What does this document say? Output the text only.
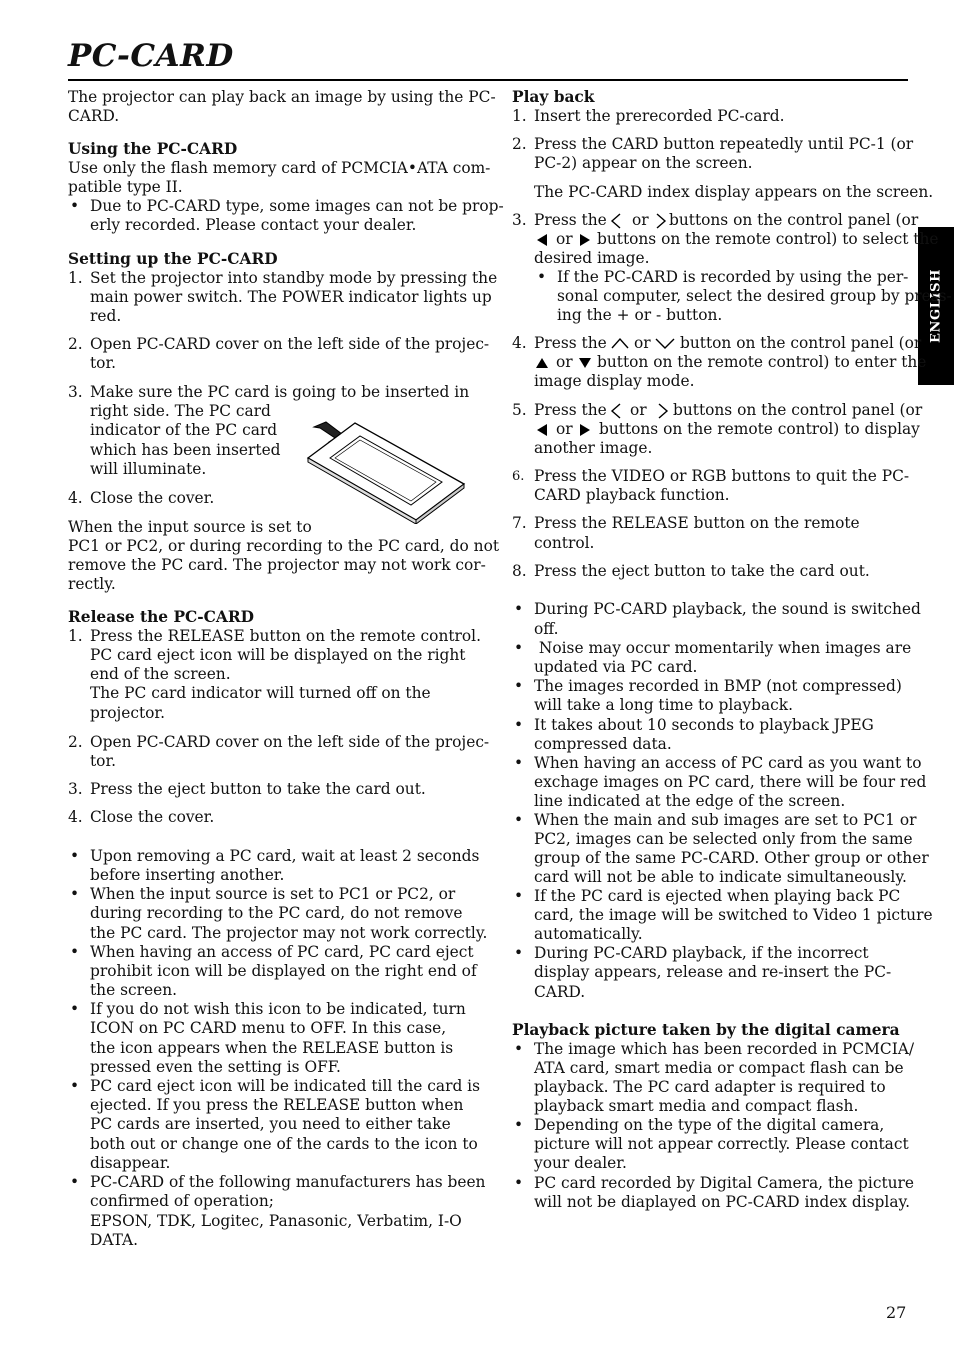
PC-CARD
ENGLISH
27
The projector can play back an image by using the PC-
CARD.
Using the PC-CARD
Use only the flash memory card of PCMCIA•ATA com-
patible type II.
• Due to PC-CARD type, some images can not be prop-
erly recorded. Please contact your dealer.
Setting up the PC-CARD
1. Set the projector into standby mode by pressing the
main power switch. The POWER indicator lights up
red.
2. Open PC-CARD cover on the left side of the projec-
tor.
3. Make sure the PC card is going to be inserted in
right side. The PC card
indicator of the PC card
which has been inserted
will illuminate.
4. Close the cover.
When the input source is set to
PC1 or PC2, or during recording to the PC card, do not
remove the PC card. The projector may not work cor-
rectly.
Release the PC-CARD
1. Press the RELEASE button on the remote control.
PC card eject icon will be displayed on the right
end of the screen.
The PC card indicator will turned off on the
projector.
2. Open PC-CARD cover on the left side of the projec-
tor.
3. Press the eject button to take the card out.
4. Close the cover.
• Upon removing a PC card, wait at least 2 seconds
before inserting another.
• When the input source is set to PC1 or PC2, or
during recording to the PC card, do not remove
the PC card. The projector may not work correctly.
• When having an access of PC card, PC card eject
prohibit icon will be displayed on the right end of
the screen.
• If you do not wish this icon to be indicated, turn
ICON on PC CARD menu to OFF. In this case,
the icon appears when the RELEASE button is
pressed even the setting is OFF.
• PC card eject icon will be indicated till the card is
ejected. If you press the RELEASE button when
PC cards are inserted, you need to either take
both out or change one of the cards to the icon to
disappear.
• PC-CARD of the following manufacturers has been
confirmed of operation;
EPSON, TDK, Logitec, Panasonic, Verbatim, I-O
DATA.
Play back
1. Insert the prerecorded PC-card.
2. Press the CARD button repeatedly until PC-1 (or
PC-2) appear on the screen.
The PC-CARD index display appears on the screen.
3. Press the or buttons on the control panel (or
or buttons on the remote control) to select the
desired image.
• If the PC-CARD is recorded by using the per-
sonal computer, select the desired group by press-
ing the + or - button.
4. Press the or button on the control panel (or
or button on the remote control) to enter the
image display mode.
5. Press the or buttons on the control panel (or
or buttons on the remote control) to display
another image.
6. Press the VIDEO or RGB buttons to quit the PC-
CARD playback function.
7. Press the RELEASE button on the remote
control.
8. Press the eject button to take the card out.
• During PC-CARD playback, the sound is switched
off.
• Noise may occur momentarily when images are
updated via PC card.
• The images recorded in BMP (not compressed)
will take a long time to playback.
• It takes about 10 seconds to playback JPEG
compressed data.
• When having an access of PC card as you want to
exchage images on PC card, there will be four red
line indicated at the edge of the screen.
• When the main and sub images are set to PC1 or
PC2, images can be selected only from the same
group of the same PC-CARD. Other group or other
card will not be able to indicate simultaneously.
• If the PC card is ejected when playing back PC
card, the image will be switched to Video 1 picture
automatically.
• During PC-CARD playback, if the incorrect
display appears, release and re-insert the PC-
CARD.
Playback picture taken by the digital camera
• The image which has been recorded in PCMCIA/
ATA card, smart media or compact flash can be
playback. The PC card adapter is required to
playback smart media and compact flash.
• Depending on the type of the digital camera,
picture will not appear correctly. Please contact
your dealer.
• PC card recorded by Digital Camera, the picture
will not be diaplayed on PC-CARD index display.
